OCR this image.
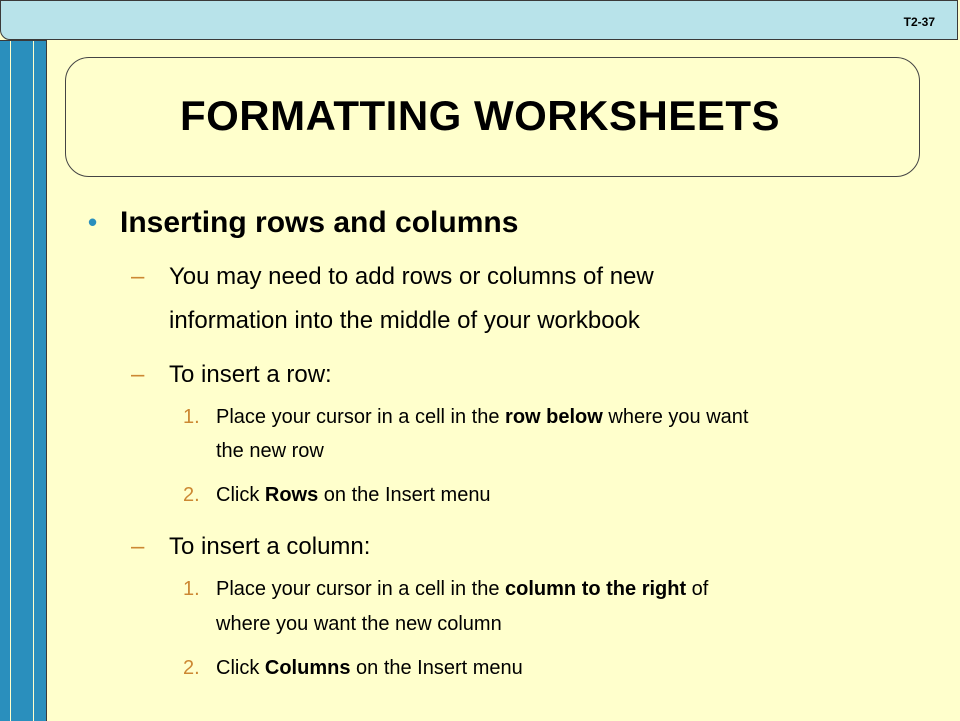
T2-37
FORMATTING WORKSHEETS
• Inserting rows and columns
– You may need to add rows or columns of new
information into the middle of your workbook
– To insert a row:
1. Place your cursor in a cell in the row below where you want
the new row
2. Click Rows on the Insert menu
– To insert a column:
1. Place your cursor in a cell in the column to the right of
where you want the new column
2. Click Columns on the Insert menu
